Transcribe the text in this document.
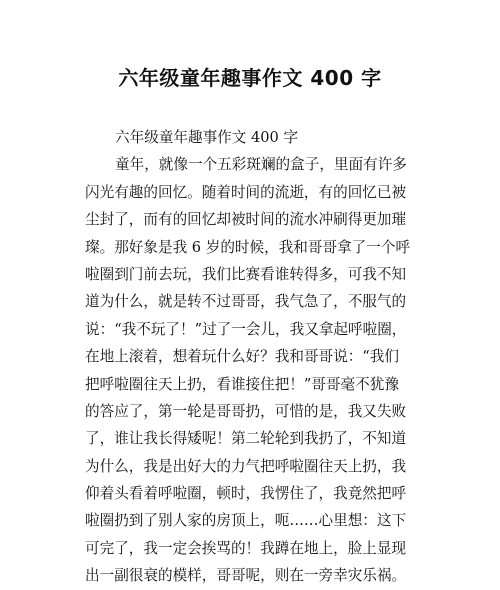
六年级童年趣事作文 400 字
六年级童年趣事作文 400 字
童年，就像一个五彩斑斓的盒子，里面有许多
闪光有趣的回忆。随着时间的流逝，有的回忆已被
尘封了，而有的回忆却被时间的流水冲刷得更加璀
璨。那好象是我 6 岁的时候，我和哥哥拿了一个呼
啦圈到门前去玩，我们比赛看谁转得多，可我不知
道为什么，就是转不过哥哥，我气急了，不服气的
说：“我不玩了！”过了一会儿，我又拿起呼啦圈，
在地上滚着，想着玩什么好？我和哥哥说：“我们
把呼啦圈往天上扔，看谁接住把！”哥哥毫不犹豫
的答应了，第一轮是哥哥扔，可惜的是，我又失败
了，谁让我长得矮呢！第二轮轮到我扔了，不知道
为什么，我是出好大的力气把呼啦圈往天上扔，我
仰着头看着呼啦圈，顿时，我愣住了，我竟然把呼
啦圈扔到了别人家的房顶上，呃……心里想：这下
可完了，我一定会挨骂的！我蹲在地上，脸上显现
出一副很衰的模样，哥哥呢，则在一旁幸灾乐祸。
